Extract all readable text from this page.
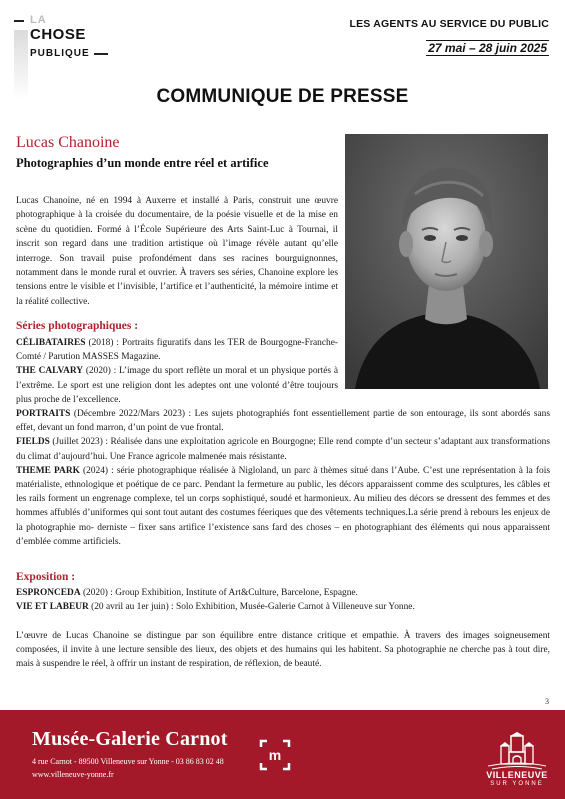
LA
CHOSE
PUBLIQUE
LES AGENTS AU SERVICE DU PUBLIC
27 mai – 28 juin 2025
COMMUNIQUE DE PRESSE
Lucas Chanoine
Photographies d’un monde entre réel et artifice
Lucas Chanoine, né en 1994 à Auxerre et installé à Paris, construit une œuvre photographique à la croisée du documentaire, de la poésie visuelle et de la mise en scène du quotidien. Formé à l’École Supérieure des Arts Saint-Luc à Tournai, il inscrit son regard dans une tradition artistique où l’image révèle autant qu’elle interroge. Son travail puise profondément dans ses racines bourguignonnes, notamment dans le monde rural et ouvrier. À travers ses séries, Chanoine explore les tensions entre le visible et l’invisible, l’artifice et l’authenticité, la mémoire intime et la réalité collective.
Séries photographiques :
CÉLIBATAIRES (2018) : Portraits figuratifs dans les TER de Bourgogne-Franche-Comté / Parution MASSES Magazine.
THE CALVARY (2020) : L’image du sport reflète un moral et un physique portés à l’extrême. Le sport est une religion dont les adeptes ont une volonté d’être toujours plus proche de l’excellence.
PORTRAITS (Décembre 2022/Mars 2023) : Les sujets photographiés font essentiellement partie de son entourage, ils sont abordés sans effet, devant un fond marron, d’un point de vue frontal.
FIELDS (Juillet 2023) : Réalisée dans une exploitation agricole en Bourgogne; Elle rend compte d’un secteur s’adaptant aux transformations du climat d’aujourd’hui. Une France agricole malmenée mais résistante.
THEME PARK (2024) : série photographique réalisée à Nigloland, un parc à thèmes situé dans l’Aube. C’est une représentation à la fois matérialiste, ethnologique et poétique de ce parc. Pendant la fermeture au public, les décors apparaissent comme des sculptures, les câbles et les rails forment un engrenage complexe, tel un corps sophistiqué, soudé et harmonieux. Au milieu des décors se dressent des femmes et des hommes affublés d’uniformes qui sont tout autant des costumes féeriques que des vêtements techniques.La série prend à rebours les enjeux de la photographie mo- derniste – fixer sans artifice l’existence sans fard des choses – en photographiant des éléments qui nous apparaissent d’emblée comme artificiels.
Exposition :
ESPRONCEDA (2020) : Group Exhibition, Institute of Art&Culture, Barcelone, Espagne.
VIE ET LABEUR (20 avril au 1er juin) : Solo Exhibition, Musée-Galerie Carnot à Villeneuve sur Yonne.
L’œuvre de Lucas Chanoine se distingue par son équilibre entre distance critique et empathie. À travers des images soigneusement composées, il invite à une lecture sensible des lieux, des objets et des humains qui les habitent. Sa photographie ne cherche pas à tout dire, mais à suspendre le réel, à offrir un instant de respiration, de réflexion, de beauté.
3
Musée-Galerie Carnot
4 rue Carnot - 89500 Villeneuve sur Yonne - 03 86 83 02 48
www.villeneuve-yonne.fr
m
VILLENEUVE
SUR YONNE
